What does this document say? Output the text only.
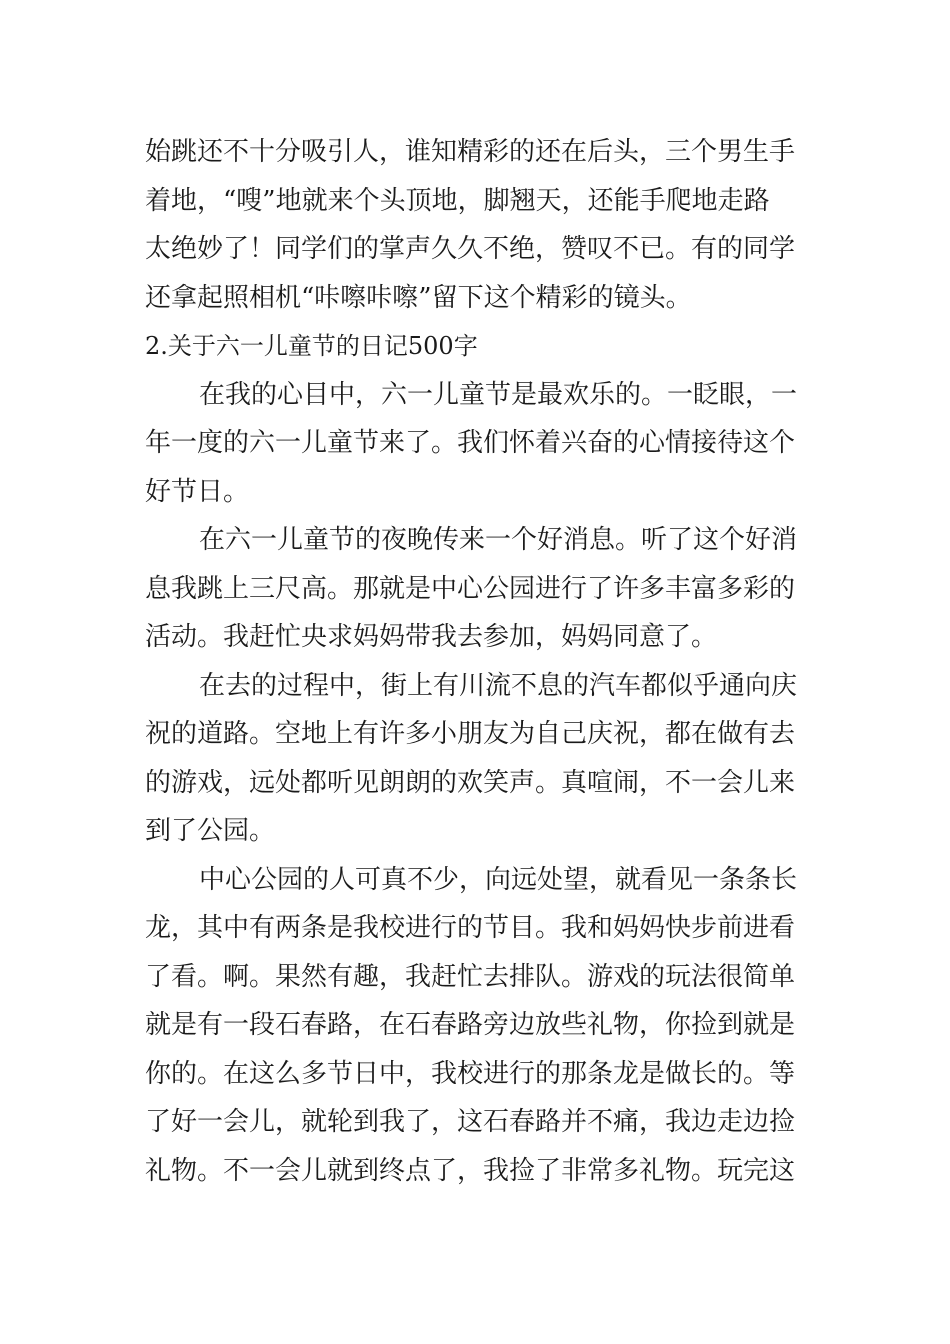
始跳还不十分吸引人，谁知精彩的还在后头，三个男生手
着地，“嗖”地就来个头顶地，脚翘天，还能手爬地走路
太绝妙了！同学们的掌声久久不绝，赞叹不已。有的同学
还拿起照相机“咔嚓咔嚓”留下这个精彩的镜头。
2.关于六一儿童节的日记500字
在我的心目中，六一儿童节是最欢乐的。一眨眼，一
年一度的六一儿童节来了。我们怀着兴奋的心情接待这个
好节日。
在六一儿童节的夜晚传来一个好消息。听了这个好消
息我跳上三尺高。那就是中心公园进行了许多丰富多彩的
活动。我赶忙央求妈妈带我去参加，妈妈同意了。
在去的过程中，街上有川流不息的汽车都似乎通向庆
祝的道路。空地上有许多小朋友为自己庆祝，都在做有去
的游戏，远处都听见朗朗的欢笑声。真喧闹，不一会儿来
到了公园。
中心公园的人可真不少，向远处望，就看见一条条长
龙，其中有两条是我校进行的节目。我和妈妈快步前进看
了看。啊。果然有趣，我赶忙去排队。游戏的玩法很简单
就是有一段石春路，在石春路旁边放些礼物，你捡到就是
你的。在这么多节日中，我校进行的那条龙是做长的。等
了好一会儿，就轮到我了，这石春路并不痛，我边走边捡
礼物。不一会儿就到终点了，我捡了非常多礼物。玩完这
